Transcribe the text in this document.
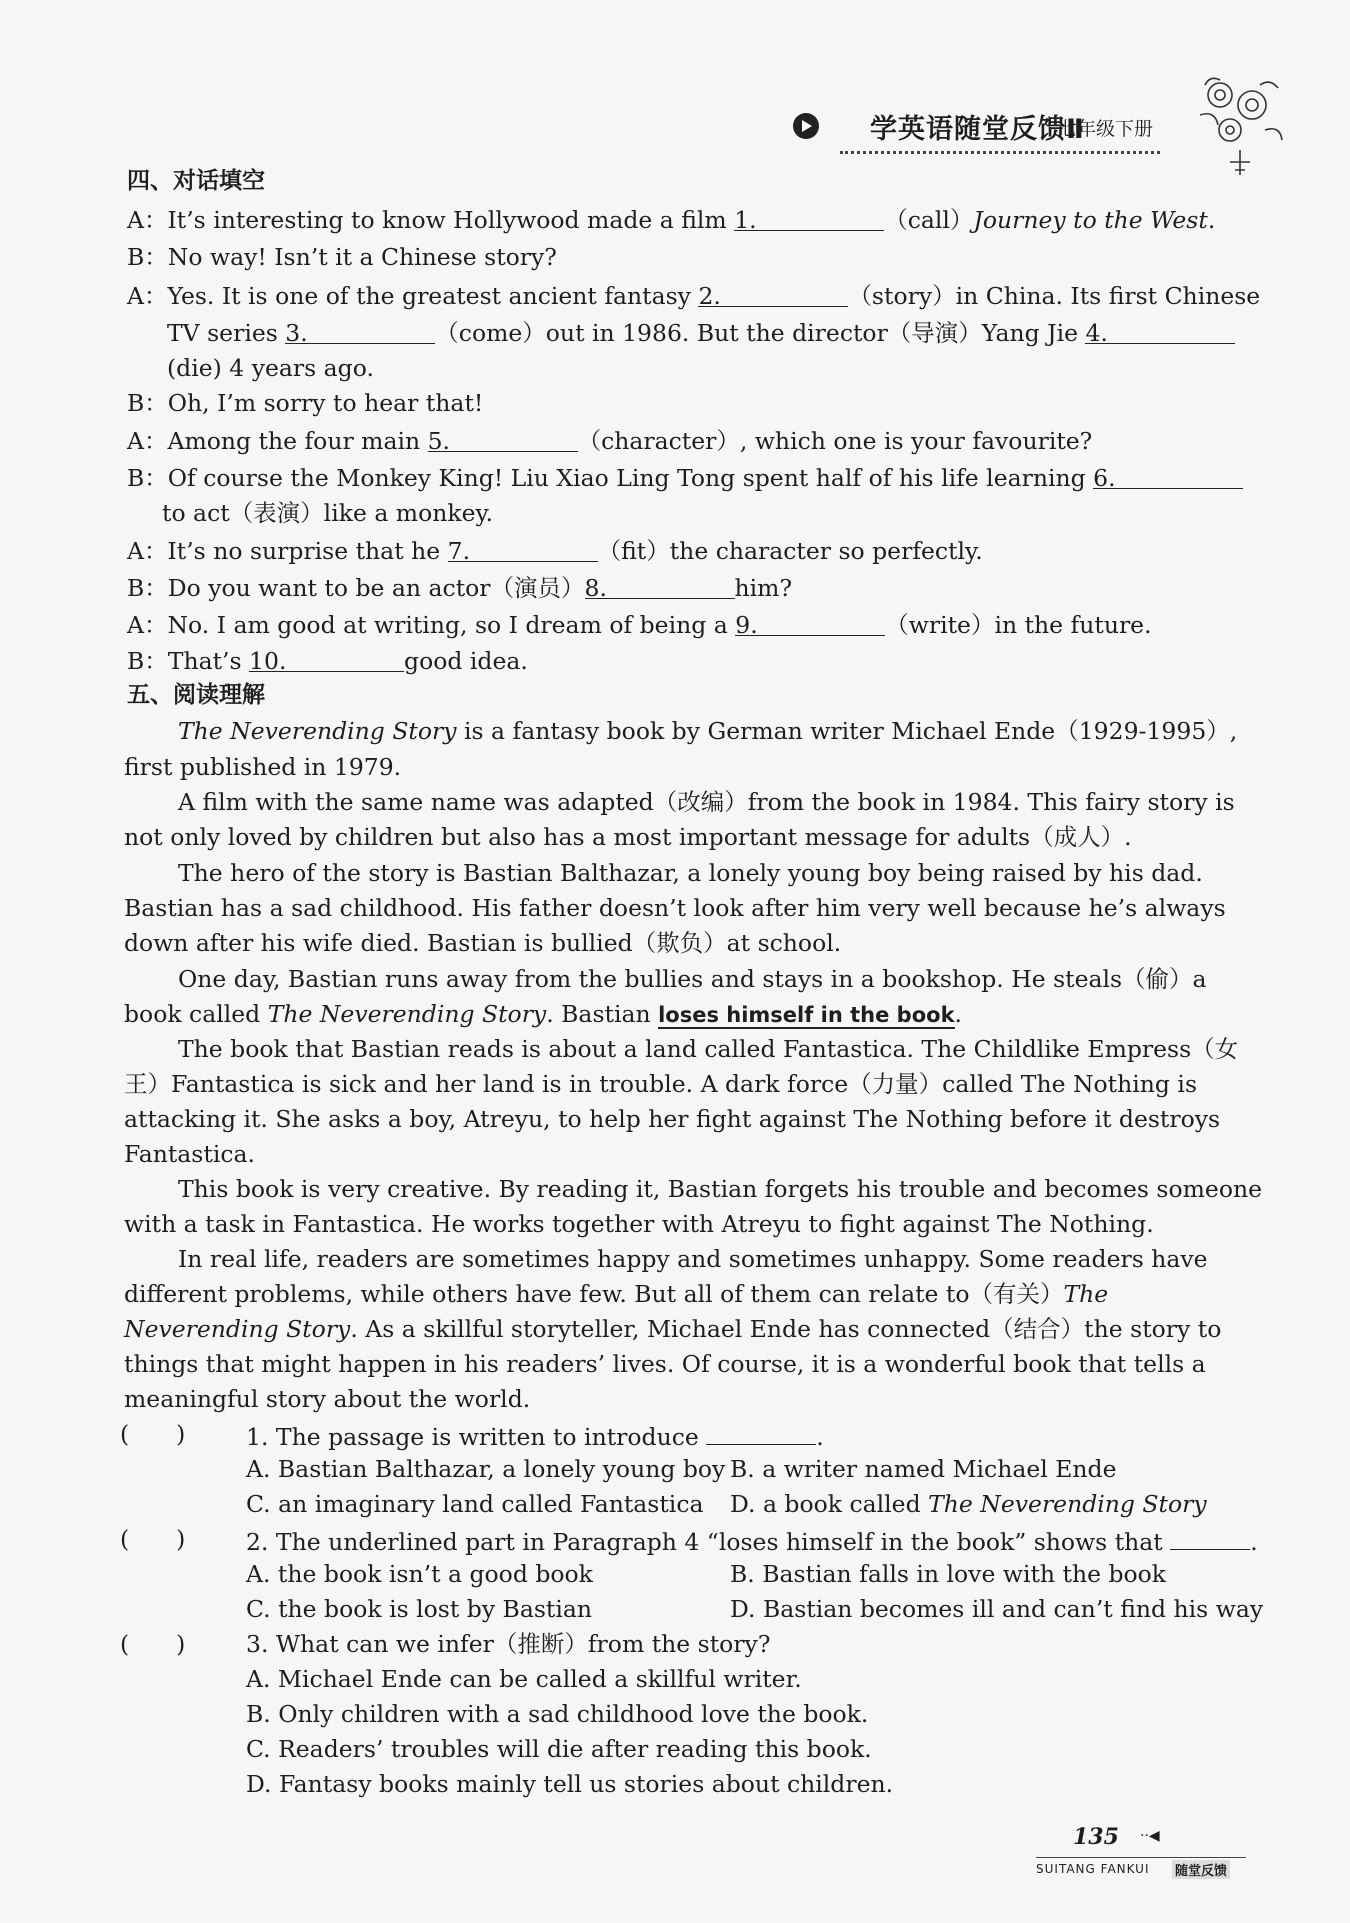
学英语随堂反馈Ⅱ
七年级下册
四、对话填空
A：It’s interesting to know Hollywood made a film 1.	（call）Journey to the West.
B：No way! Isn’t it a Chinese story?
A：Yes. It is one of the greatest ancient fantasy 2.	（story）in China. Its first Chinese
TV series 3.	（come）out in 1986. But the director（导演）Yang Jie 4.
(die) 4 years ago.
B：Oh, I’m sorry to hear that!
A：Among the four main 5.	（character）, which one is your favourite?
B：Of course the Monkey King! Liu Xiao Ling Tong spent half of his life learning 6.
to act（表演）like a monkey.
A：It’s no surprise that he 7.	（fit）the character so perfectly.
B：Do you want to be an actor（演员）8.	him?
A：No. I am good at writing, so I dream of being a 9.	（write）in the future.
B：That’s 10.	good idea.
五、阅读理解
The Neverending Story is a fantasy book by German writer Michael Ende（1929-1995）,
first published in 1979.
A film with the same name was adapted（改编）from the book in 1984. This fairy story is
not only loved by children but also has a most important message for adults（成人）.
The hero of the story is Bastian Balthazar, a lonely young boy being raised by his dad.
Bastian has a sad childhood. His father doesn’t look after him very well because he’s always
down after his wife died. Bastian is bullied（欺负）at school.
One day, Bastian runs away from the bullies and stays in a bookshop. He steals（偷）a
book called The Neverending Story. Bastian loses himself in the book.
The book that Bastian reads is about a land called Fantastica. The Childlike Empress（女
王）Fantastica is sick and her land is in trouble. A dark force（力量）called The Nothing is
attacking it. She asks a boy, Atreyu, to help her fight against The Nothing before it destroys
Fantastica.
This book is very creative. By reading it, Bastian forgets his trouble and becomes someone
with a task in Fantastica. He works together with Atreyu to fight against The Nothing.
In real life, readers are sometimes happy and sometimes unhappy. Some readers have
different problems, while others have few. But all of them can relate to（有关）The
Neverending Story. As a skillful storyteller, Michael Ende has connected（结合）the story to
things that might happen in his readers’ lives. Of course, it is a wonderful book that tells a
meaningful story about the world.
(　　)	1. The passage is written to introduce	.
A. Bastian Balthazar, a lonely young boy B. a writer named Michael Ende
C. an imaginary land called Fantastica D. a book called The Neverending Story
(　　)	2. The underlined part in Paragraph 4 “loses himself in the book” shows that	.
A. the book isn’t a good book	B. Bastian falls in love with the book
C. the book is lost by Bastian	D. Bastian becomes ill and can’t find his way
(　　)	3. What can we infer（推断）from the story?
A. Michael Ende can be called a skillful writer.
B. Only children with a sad childhood love the book.
C. Readers’ troubles will die after reading this book.
D. Fantasy books mainly tell us stories about children.
135 ··◀
SUITANG FANKUI 随堂反馈
